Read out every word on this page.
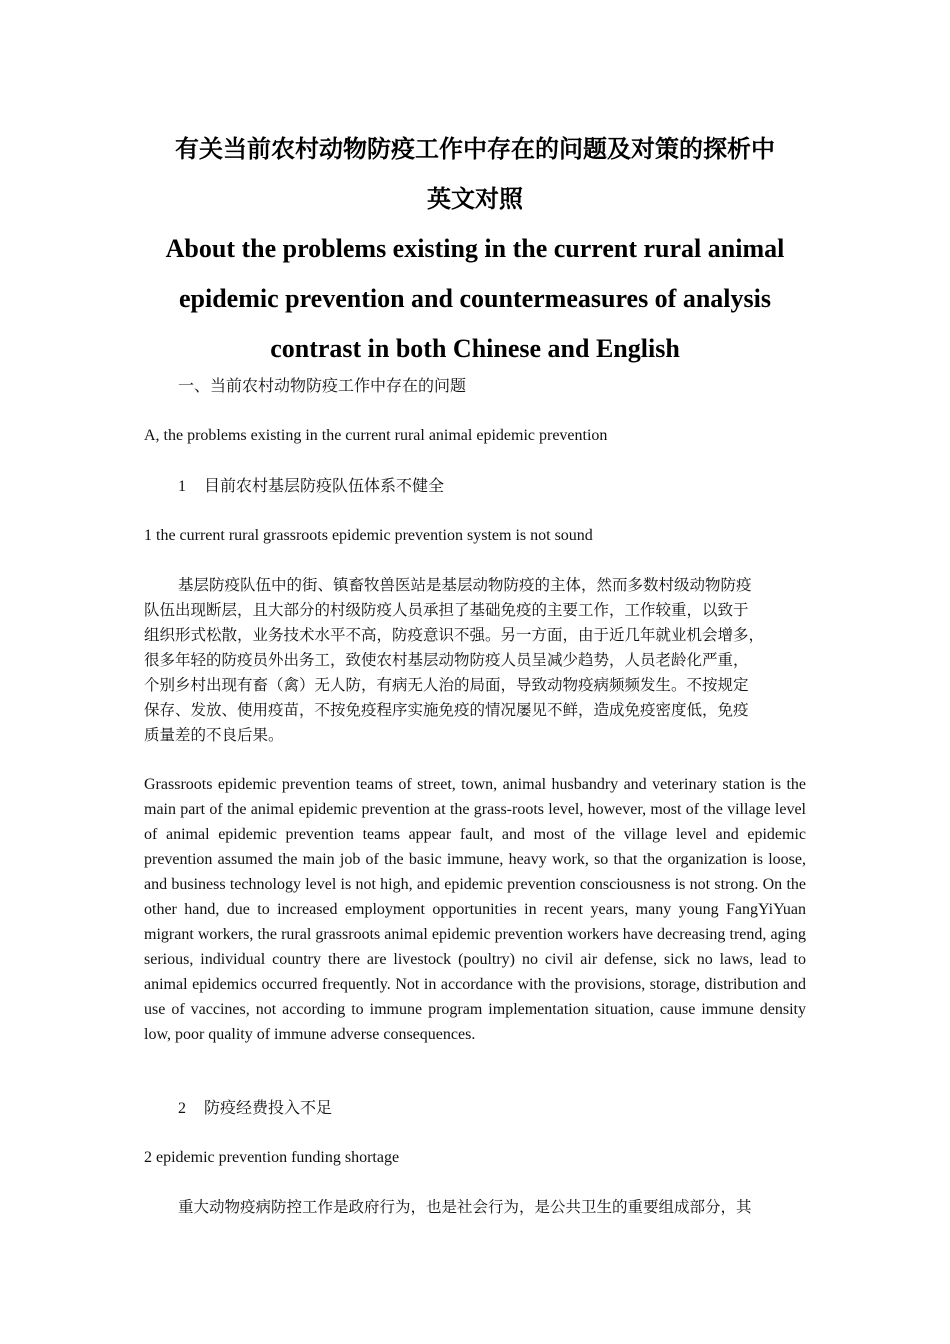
有关当前农村动物防疫工作中存在的问题及对策的探析中
英文对照
About the problems existing in the current rural animal
epidemic prevention and countermeasures of analysis
contrast in both Chinese and English
一、当前农村动物防疫工作中存在的问题
A, the problems existing in the current rural animal epidemic prevention
1 目前农村基层防疫队伍体系不健全
1 the current rural grassroots epidemic prevention system is not sound
基层防疫队伍中的街、镇畜牧兽医站是基层动物防疫的主体，然而多数村级动物防疫
队伍出现断层，且大部分的村级防疫人员承担了基础免疫的主要工作，工作较重，以致于
组织形式松散，业务技术水平不高，防疫意识不强。另一方面，由于近几年就业机会增多，
很多年轻的防疫员外出务工，致使农村基层动物防疫人员呈减少趋势，人员老龄化严重，
个别乡村出现有畜（禽）无人防，有病无人治的局面，导致动物疫病频频发生。不按规定
保存、发放、使用疫苗，不按免疫程序实施免疫的情况屡见不鲜，造成免疫密度低，免疫
质量差的不良后果。
Grassroots epidemic prevention teams of street, town, animal husbandry and veterinary station is the main part of the animal epidemic prevention at the grass-roots level, however, most of the village level of animal epidemic prevention teams appear fault, and most of the village level and epidemic prevention assumed the main job of the basic immune, heavy work, so that the organization is loose, and business technology level is not high, and epidemic prevention consciousness is not strong. On the other hand, due to increased employment opportunities in recent years, many young FangYiYuan migrant workers, the rural grassroots animal epidemic prevention workers have decreasing trend, aging serious, individual country there are livestock (poultry) no civil air defense, sick no laws, lead to animal epidemics occurred frequently. Not in accordance with the provisions, storage, distribution and use of vaccines, not according to immune program implementation situation, cause immune density low, poor quality of immune adverse consequences.
2 防疫经费投入不足
2 epidemic prevention funding shortage
重大动物疫病防控工作是政府行为，也是社会行为，是公共卫生的重要组成部分，其
